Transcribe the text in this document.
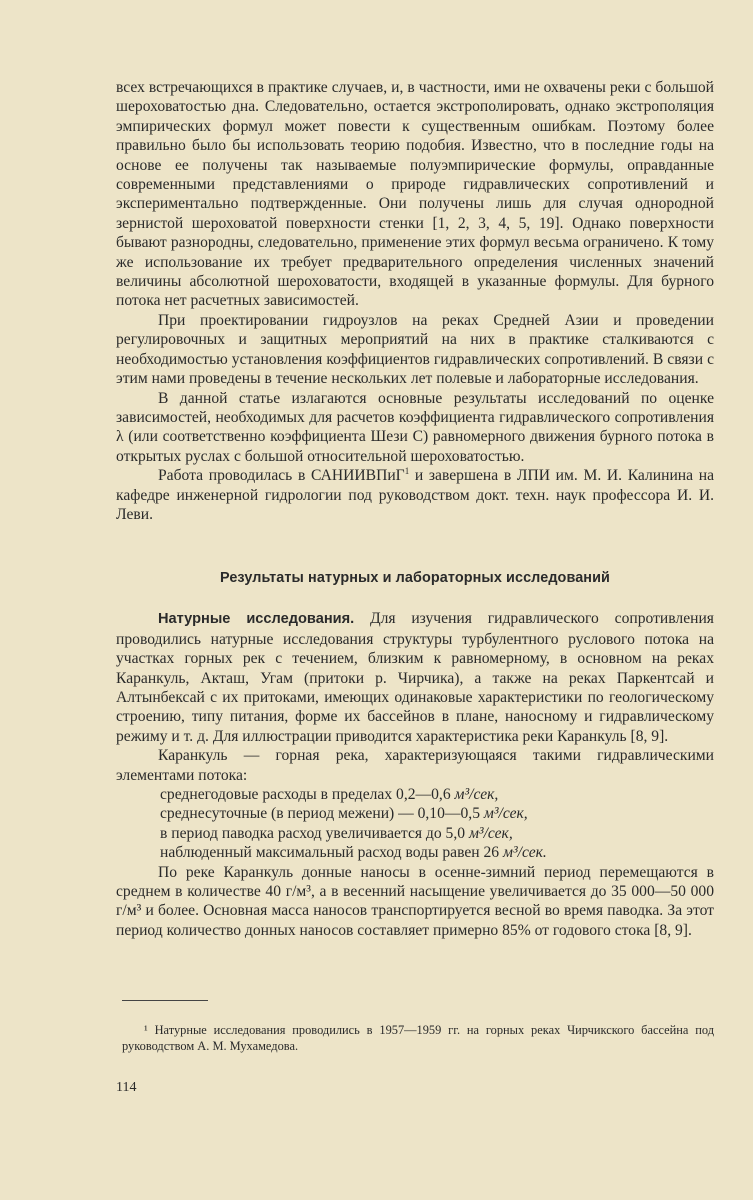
всех встречающихся в практике случаев, и, в частности, ими не охвачены реки с большой шероховатостью дна. Следовательно, остается экстрополировать, однако экстрополяция эмпирических формул может повести к существенным ошибкам. Поэтому более правильно было бы использовать теорию подобия. Известно, что в последние годы на основе ее получены так называемые полуэмпирические формулы, оправданные современными представлениями о природе гидравлических сопротивлений и экспериментально подтвержденные. Они получены лишь для случая однородной зернистой шероховатой поверхности стенки [1, 2, 3, 4, 5, 19]. Однако поверхности бывают разнородны, следовательно, применение этих формул весьма ограничено. К тому же использование их требует предварительного определения численных значений величины абсолютной шероховатости, входящей в указанные формулы. Для бурного потока нет расчетных зависимостей.

При проектировании гидроузлов на реках Средней Азии и проведении регулировочных и защитных мероприятий на них в практике сталкиваются с необходимостью установления коэффициентов гидравлических сопротивлений. В связи с этим нами проведены в течение нескольких лет полевые и лабораторные исследования.

В данной статье излагаются основные результаты исследований по оценке зависимостей, необходимых для расчетов коэффициента гидравлического сопротивления λ (или соответственно коэффициента Шези С) равномерного движения бурного потока в открытых руслах с большой относительной шероховатостью.

Работа проводилась в САНИИВПиГ$^1$ и завершена в ЛПИ им. М. И. Калинина на кафедре инженерной гидрологии под руководством докт. техн. наук профессора И. И. Леви.

Результаты натурных и лабораторных исследований

Натурные исследования. Для изучения гидравлического сопротивления проводились натурные исследования структуры турбулентного руслового потока на участках горных рек с течением, близким к равномерному, в основном на реках Каранкуль, Акташ, Угам (притоки р. Чирчика), а также на реках Паркентсай и Алтынбексай с их притоками, имеющих одинаковые характеристики по геологическому строению, типу питания, форме их бассейнов в плане, наносному и гидравлическому режиму и т. д. Для иллюстрации приводится характеристика реки Каранкуль [8, 9].

Каранкуль — горная река, характеризующаяся такими гидравлическими элементами потока:

среднегодовые расходы в пределах 0,2—0,6 м³/сек,
среднесуточные (в период межени) — 0,10—0,5 м³/сек,
в период паводка расход увеличивается до 5,0 м³/сек,
наблюденный максимальный расход воды равен 26 м³/сек.

По реке Каранкуль донные наносы в осенне-зимний период перемещаются в среднем в количестве 40 г/м³, а в весенний насыщение увеличивается до 35 000—50 000 г/м³ и более. Основная масса наносов транспортируется весной во время паводка. За этот период количество донных наносов составляет примерно 85% от годового стока [8, 9].

¹ Натурные исследования проводились в 1957—1959 гг. на горных реках Чирчикского бассейна под руководством А. М. Мухамедова.

114
